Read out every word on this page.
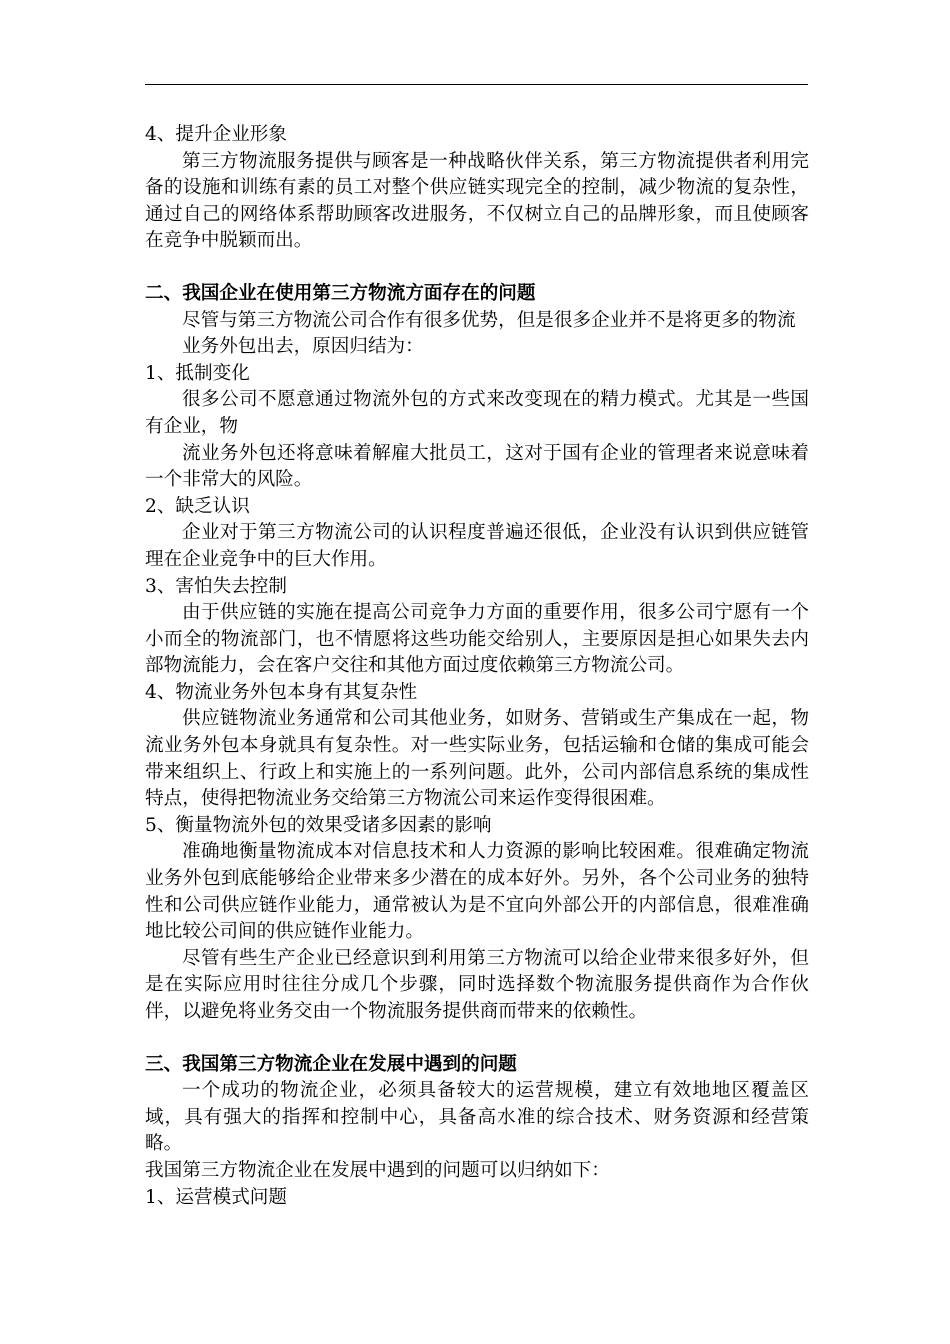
4、提升企业形象

第三方物流服务提供与顾客是一种战略伙伴关系，第三方物流提供者利用完备的设施和训练有素的员工对整个供应链实现完全的控制，减少物流的复杂性，通过自己的网络体系帮助顾客改进服务，不仅树立自己的品牌形象，而且使顾客在竞争中脱颖而出。

二、我国企业在使用第三方物流方面存在的问题

尽管与第三方物流公司合作有很多优势，但是很多企业并不是将更多的物流业务外包出去，原因归结为：

1、抵制变化

很多公司不愿意通过物流外包的方式来改变现在的精力模式。尤其是一些国有企业，物

流业务外包还将意味着解雇大批员工，这对于国有企业的管理者来说意味着一个非常大的风险。

2、缺乏认识

企业对于第三方物流公司的认识程度普遍还很低，企业没有认识到供应链管理在企业竞争中的巨大作用。

3、害怕失去控制

由于供应链的实施在提高公司竞争力方面的重要作用，很多公司宁愿有一个小而全的物流部门，也不情愿将这些功能交给别人，主要原因是担心如果失去内部物流能力，会在客户交往和其他方面过度依赖第三方物流公司。

4、物流业务外包本身有其复杂性

供应链物流业务通常和公司其他业务，如财务、营销或生产集成在一起，物流业务外包本身就具有复杂性。对一些实际业务，包括运输和仓储的集成可能会带来组织上、行政上和实施上的一系列问题。此外，公司内部信息系统的集成性特点，使得把物流业务交给第三方物流公司来运作变得很困难。

5、衡量物流外包的效果受诸多因素的影响

准确地衡量物流成本对信息技术和人力资源的影响比较困难。很难确定物流业务外包到底能够给企业带来多少潜在的成本好外。另外，各个公司业务的独特性和公司供应链作业能力，通常被认为是不宜向外部公开的内部信息，很难准确地比较公司间的供应链作业能力。

尽管有些生产企业已经意识到利用第三方物流可以给企业带来很多好外，但是在实际应用时往往分成几个步骤，同时选择数个物流服务提供商作为合作伙伴，以避免将业务交由一个物流服务提供商而带来的依赖性。

三、我国第三方物流企业在发展中遇到的问题

一个成功的物流企业，必须具备较大的运营规模，建立有效地地区覆盖区域，具有强大的指挥和控制中心，具备高水准的综合技术、财务资源和经营策略。

我国第三方物流企业在发展中遇到的问题可以归纳如下：

1、运营模式问题
